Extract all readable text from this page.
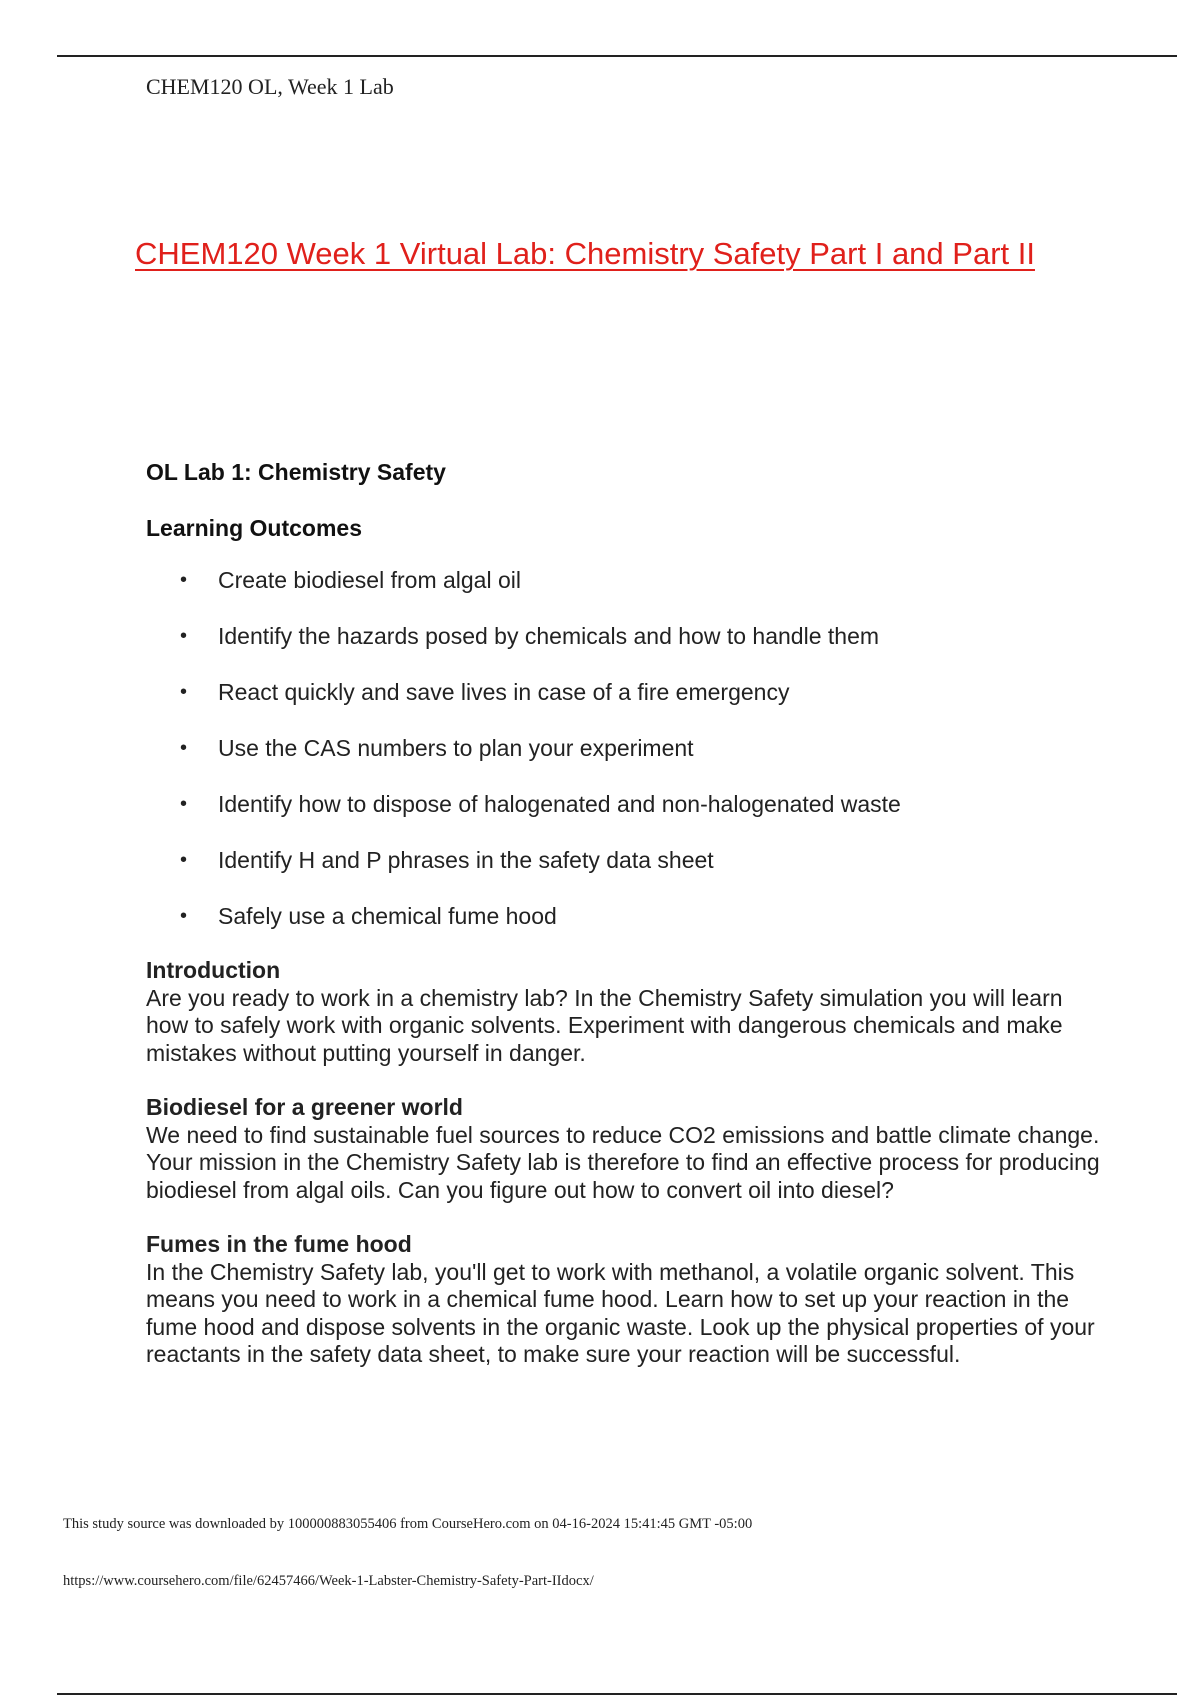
CHEM120 OL, Week 1 Lab
CHEM120 Week 1 Virtual Lab: Chemistry Safety Part I and Part II

OL Lab 1: Chemistry Safety

Learning Outcomes

• Create biodiesel from algal oil
• Identify the hazards posed by chemicals and how to handle them
• React quickly and save lives in case of a fire emergency
• Use the CAS numbers to plan your experiment
• Identify how to dispose of halogenated and non-halogenated waste
• Identify H and P phrases in the safety data sheet
• Safely use a chemical fume hood

Introduction

Are you ready to work in a chemistry lab? In the Chemistry Safety simulation you will learn how to safely work with organic solvents. Experiment with dangerous chemicals and make mistakes without putting yourself in danger.

Biodiesel for a greener world

We need to find sustainable fuel sources to reduce CO2 emissions and battle climate change. Your mission in the Chemistry Safety lab is therefore to find an effective process for producing biodiesel from algal oils. Can you figure out how to convert oil into diesel?

Fumes in the fume hood

In the Chemistry Safety lab, you'll get to work with methanol, a volatile organic solvent. This means you need to work in a chemical fume hood. Learn how to set up your reaction in the fume hood and dispose solvents in the organic waste. Look up the physical properties of your reactants in the safety data sheet, to make sure your reaction will be successful.

This study source was downloaded by 100000883055406 from CourseHero.com on 04-16-2024 15:41:45 GMT -05:00
https://www.coursehero.com/file/62457466/Week-1-Labster-Chemistry-Safety-Part-IIdocx/
